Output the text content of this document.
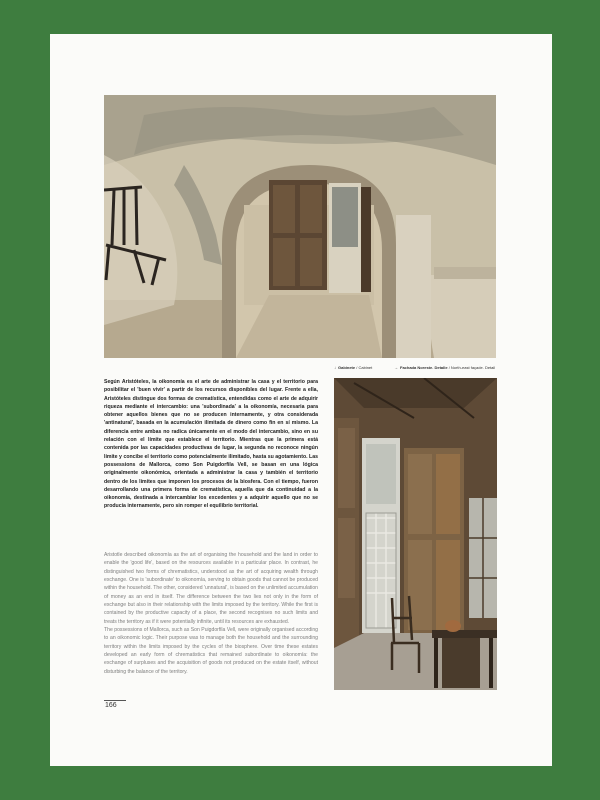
↓ Gabinete / Cabinet	→ Fachada Noreste. Detalle / North-east façade. Detail

Según Aristóteles, la oikonomía es el arte de administrar la casa y el territorio para posibilitar el 'buen vivir' a partir de los recursos disponibles del lugar. Frente a ella, Aristóteles distingue dos formas de crematística, entendidas como el arte de adquirir riqueza mediante el intercambio: una 'subordinada' a la oikonomía, necesaria para obtener aquellos bienes que no se producen internamente, y otra considerada 'antinatural', basada en la acumulación ilimitada de dinero como fin en sí mismo. La diferencia entre ambas no radica únicamente en el modo del intercambio, sino en su relación con el límite que establece el territorio. Mientras que la primera está contenida por las capacidades productivas de lugar, la segunda no reconoce ningún límite y concibe el territorio como potencialmente ilimitado, hasta su agotamiento. Las possessions de Mallorca, como Son Puigdorfila Vell, se basan en una lógica originalmente oikonómica, orientada a administrar la casa y también el territorio dentro de los límites que imponen los procesos de la biosfera. Con el tiempo, fueron desarrollando una primera forma de crematística, aquella que da continuidad a la oikonomía, destinada a intercambiar los excedentes y a adquirir aquello que no se producía internamente, pero sin romper el equilibrio territorial.

Aristotle described oikonomía as the art of organising the household and the land in order to enable the 'good life', based on the resources available in a particular place. In contrast, he distinguished two forms of chrematistics, understood as the art of acquiring wealth through exchange. One is 'subordinate' to oikonomía, serving to obtain goods that cannot be produced within the household. The other, considered 'unnatural', is based on the unlimited accumulation of money as an end in itself. The difference between the two lies not only in the form of exchange but also in their relationship with the limits imposed by the territory. While the first is contained by the productive capacity of a place, the second recognises no such limits and treats the territory as if it were potentially infinite, until its resources are exhausted.

The possessions of Mallorca, such as Son Puigdorfila Vell, were originally organised according to an oikonomic logic. Their purpose was to manage both the household and the surrounding territory within the limits imposed by the cycles of the biosphere. Over time these estates developed an early form of chrematistics that remained subordinate to oikonomía: the exchange of surpluses and the acquisition of goods not produced on the estate itself, without disturbing the balance of the territory.

166
